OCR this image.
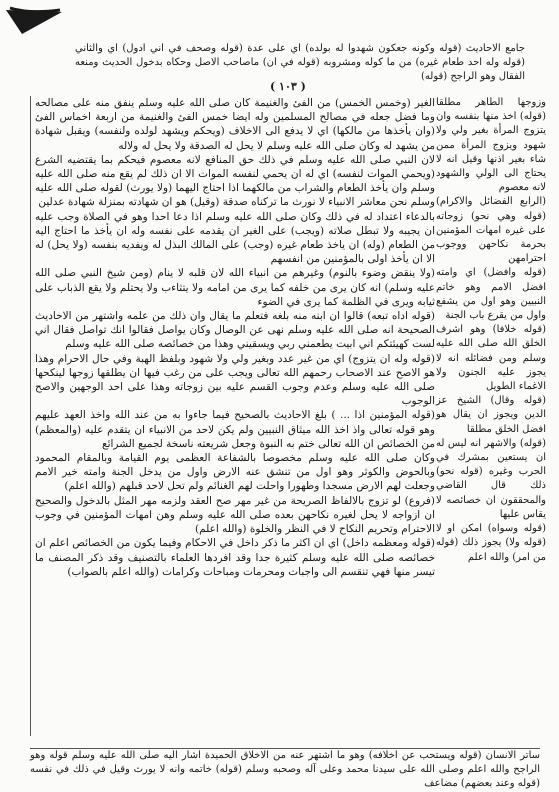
جامع الاحاديث (قوله وكونه جعكون شهدوا له بولده) اي على عدة (قوله وصحف في اني ادول) اي والثاني (قوله وله احد طعام غيره) من ما كوله ومشروبه (قوله في ان) ماصاحب الاصل وحكاه بدخول الحديث ومنعه الفقال وهو الراجح (قوله)
( ١٠٣ )

الغير (وخمس الخمس) من الفئ والغنيمة كان صلى الله عليه وسلم ينفق منه على مصالحه وما فضل جعله في مصالح المسلمين وله ايضا خمس الفئ والغنيمة من اربعة اخماس الفئ (وان يأخذها من مالكها) اي لا يدفع الى الاخلاف (ويحكم ويشهد لولده ولنفسه) ويقبل شهادة من يشهد له وكان صلى الله عليه وسلم لا يحل له الصدقة ولا يحل له ولاله

لان النبي صلى الله عليه وسلم في ذلك حق المنافع لانه معصوم فيحكم بما يقتضيه الشرع (ويحمي الموات لنفسه) اي له ان يحمي لنفسه الموات الا ان ذلك لم يقع منه صلى الله عليه وسلم وان يأخذ الطعام والشراب من مالكهما اذا احتاج اليهما (ولا يورث) لقوله صلى الله عليه وسلم نحن معاشر الانبياء لا نورث ما تركناه صدقة (وقيل) هو ان شهادته بمنزلة شهادة عدلين

بالدعاء اعتداد له في ذلك وكان صلى الله عليه وسلم اذا دعا احدا وهو في الصلاة وجب عليه ان يجيبه ولا تبطل صلاته (ويجب) على الغير ان يقدمه على نفسه وله ان يأخذ ما احتاج اليه من الطعام (وله) ان ياخذ طعام غيره (وجب) على المالك البذل له ويفديه بنفسه (ولا يحل) له الا ان يأخذ اولى بالمؤمنين من انفسهم

(ولا ينقض وضوء بالنوم) وغيرهم من انبياء الله لان قلبه لا ينام (ومن شيخ النبي صلى الله عليه وسلم) انه كان يرى من خلفه كما يرى من امامه ولا يتثاءب ولا يحتلم ولا يقع الذباب على ثيابه ويرى في الظلمة كما يرى في الضوء

(قوله اداه تبعه) قالوا ان ابنه منه بلغه فتعلم ما يقال وان ذلك من علمه واشتهر من الاحاديث الصحيحة انه صلى الله عليه وسلم نهى عن الوصال وكان يواصل فقالوا انك تواصل فقال اني لست كهيئتكم اني ابيت يطعمني ربي ويسقيني وهذا من خصائصه صلى الله عليه وسلم

(قوله وله ان يتزوج) اي من غير عدد وبغير ولي ولا شهود وبلفظ الهبة وفي حال الاحرام وهذا هو الاصح عند الاصحاب رحمهم الله تعالى ويجب على من رغب فيها ان يطلقها زوجها لينكحها صلى الله عليه وسلم وعدم وجوب القسم عليه بين زوجاته وهذا على احد الوجهين والاصح الوجوب

(قوله المؤمنين اذا ... ) بلغ الاحاديث بالصحيح فيما جاءوا به من عند الله واخذ العهد عليهم وهو قوله تعالى واذ اخذ الله ميثاق النبيين ولم يكن لاحد من الانبياء ان يتقدم عليه (والمعظم) من الخصائص ان الله تعالى ختم به النبوة وجعل شريعته ناسخة لجميع الشرائع

وكان صلى الله عليه وسلم مخصوصا بالشفاعة العظمى يوم القيامة وبالمقام المحمود وبالحوض والكوثر وهو اول من تنشق عنه الارض واول من يدخل الجنة وامته خير الامم وجعلت لهم الارض مسجدا وطهورا واحلت لهم الغنائم ولم تحل لاحد قبلهم (والله اعلم)

(فروع) لو تزوج بالالفاظ الصريحة من غير مهر صح العقد ولزمه مهر المثل بالدخول والصحيح ان ازواجه لا يحل لغيره نكاحهن بعده صلى الله عليه وسلم وهن امهات المؤمنين في وجوب الاحترام وتحريم النكاح لا في النظر والخلوة (والله اعلم)

(قوله ومعظمه داخل) اي ان اكثر ما ذكر داخل في الاحكام وفيما يكون من الخصائص اعلم ان خصائصه صلى الله عليه وسلم كثيرة جدا وقد افردها العلماء بالتصنيف وقد ذكر المصنف ما تيسر منها فهي تنقسم الى واجبات ومحرمات ومباحات وكرامات (والله اعلم بالصواب)

وزوجها الطاهر مطلقا (قوله) اخذ منها بنفسه وان يتزوج المرأة بغير ولي ولا شهود ويزوج المرأة ممن شاء بغير اذنها وقيل انه لا يحتاج الى الولي والشهود لانه معصوم

(الرابع الفضائل والاكرام) (قوله وهي نحو) زوجاته على غيره امهات المؤمنين بحرمة نكاحهن ووجوب احترامهن

(قوله وافضل) اي وامته افضل الامم وهو خاتم النبيين وهو اول من يشفع واول من يقرع باب الجنة

(قوله خلافا) وهو اشرف الخلق الله صلى الله عليه وسلم ومن فضائله انه لا يجوز عليه الجنون ولا الاغماء الطويل

(قوله وقال) الشيخ عز الدين ويجوز ان يقال هو افضل الخلق مطلقا

(قوله) والاشهر انه ليس له ان يستعين بمشرك في الحرب وغيره (قوله نحو) ذلك قال القاضي والمحققون ان خصائصه لا يقاس عليها

(قوله وسواه) امكن او لا (قوله ولا) يجوز ذلك (قوله من امر) والله اعلم

ساتر الانسان (قوله ويستحب عن اخلافه) وهو ما اشتهر عنه من الاخلاق الحميدة اشار اليه صلى الله عليه وسلم قوله وهو الراجح والله اعلم وصلى الله على سيدنا محمد وعلى آله وصحبه وسلم (قوله) خاتمه وانه لا يورث وقيل في ذلك في نفسه (قوله وعند بعضهم) مضاعف
